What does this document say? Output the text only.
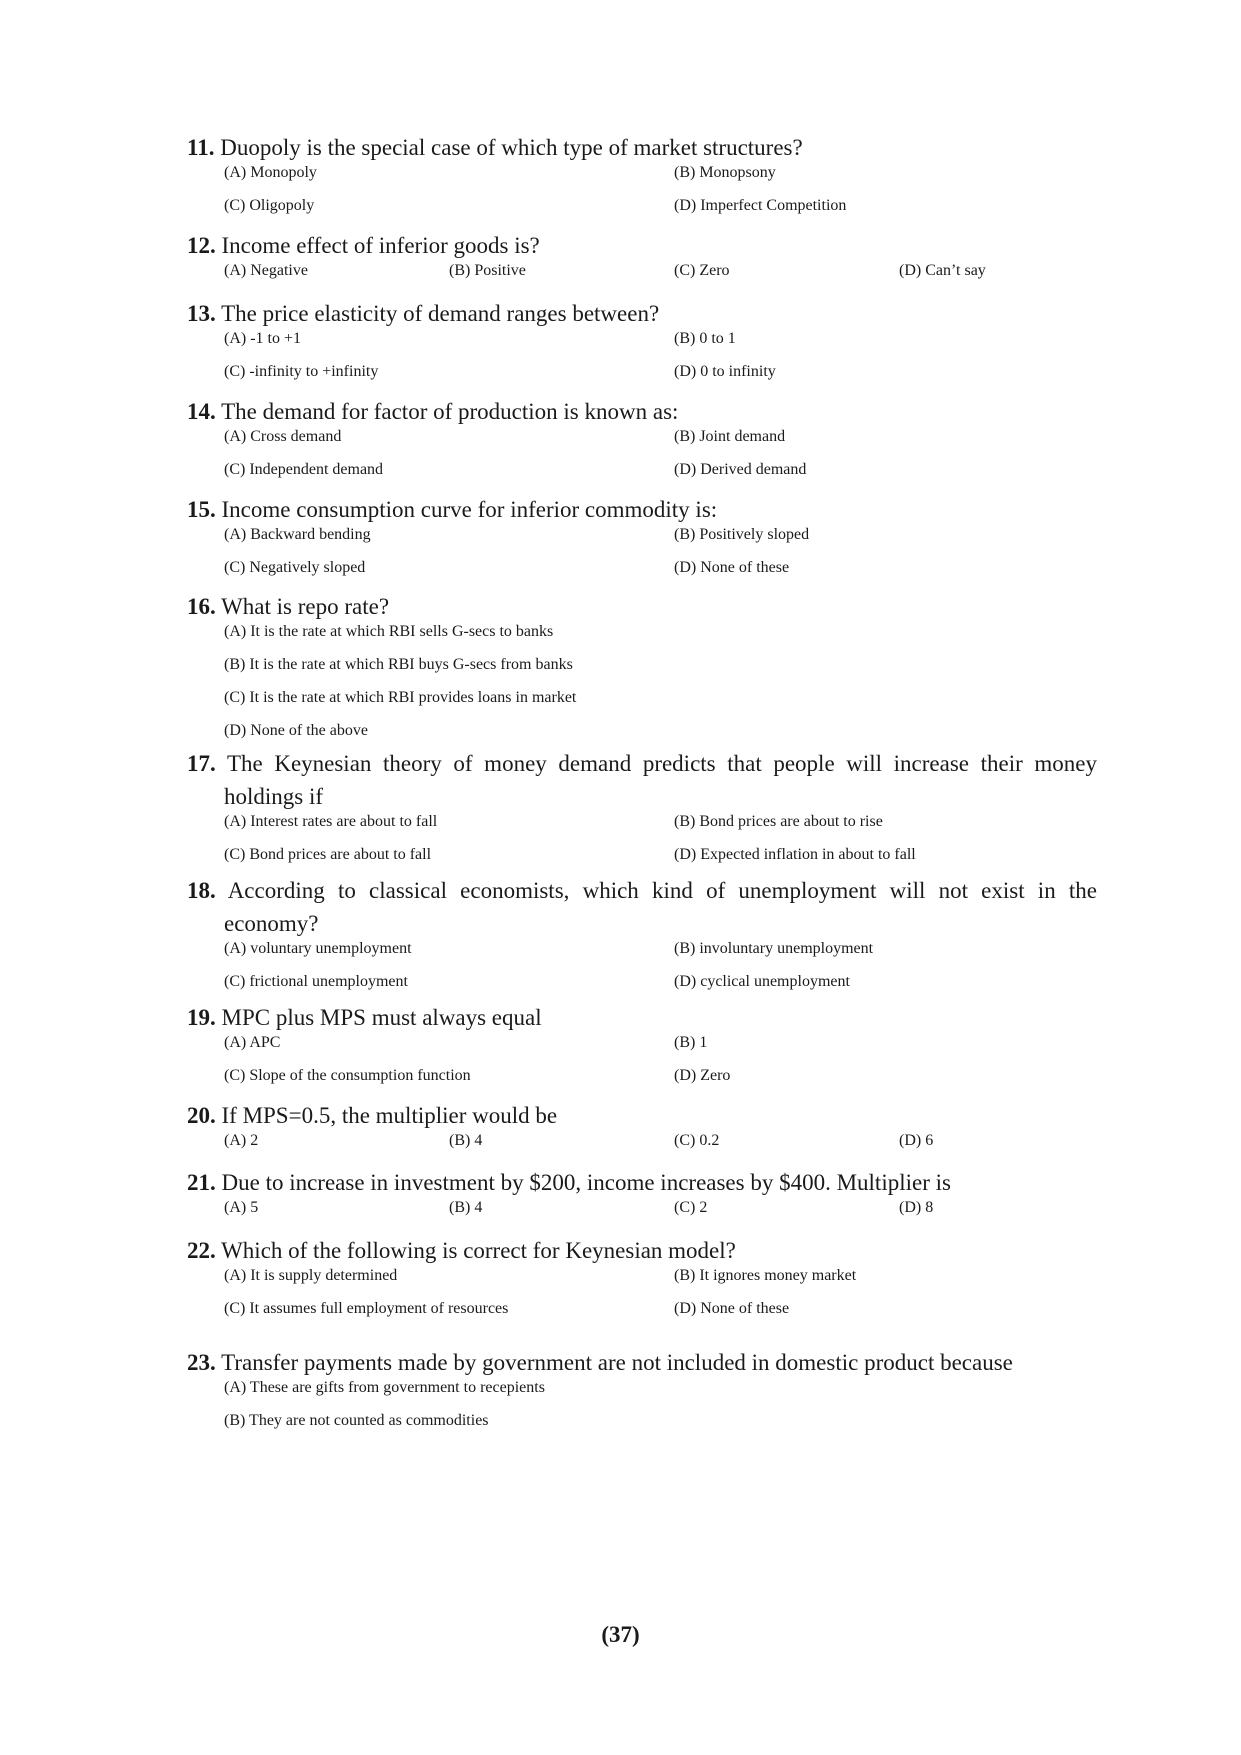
11. Duopoly is the special case of which type of market structures?
(A) Monopoly	(B) Monopsony
(C) Oligopoly	(D) Imperfect Competition
12. Income effect of inferior goods is?
(A) Negative	(B) Positive	(C) Zero	(D) Can’t say
13. The price elasticity of demand ranges between?
(A) -1 to +1	(B) 0 to 1
(C) -infinity to +infinity	(D) 0 to infinity
14. The demand for factor of production is known as:
(A) Cross demand	(B) Joint demand
(C) Independent demand	(D) Derived demand
15. Income consumption curve for inferior commodity is:
(A) Backward bending	(B) Positively sloped
(C) Negatively sloped	(D) None of these
16. What is repo rate?
(A) It is the rate at which RBI sells G-secs to banks
(B) It is the rate at which RBI buys G-secs from banks
(C) It is the rate at which RBI provides loans in market
(D) None of the above
17. The Keynesian theory of money demand predicts that people will increase their money holdings if
(A) Interest rates are about to fall	(B) Bond prices are about to rise
(C) Bond prices are about to fall	(D) Expected inflation in about to fall
18. According to classical economists, which kind of unemployment will not exist in the economy?
(A) voluntary unemployment	(B) involuntary unemployment
(C) frictional unemployment	(D) cyclical unemployment
19. MPC plus MPS must always equal
(A) APC	(B) 1
(C) Slope of the consumption function	(D) Zero
20. If MPS=0.5, the multiplier would be
(A) 2	(B) 4	(C) 0.2	(D) 6
21. Due to increase in investment by $200, income increases by $400. Multiplier is
(A) 5	(B) 4	(C) 2	(D) 8
22. Which of the following is correct for Keynesian model?
(A) It is supply determined	(B) It ignores money market
(C) It assumes full employment of resources	(D) None of these
23. Transfer payments made by government are not included in domestic product because
(A) These are gifts from government to recepients
(B) They are not counted as commodities
(37)
